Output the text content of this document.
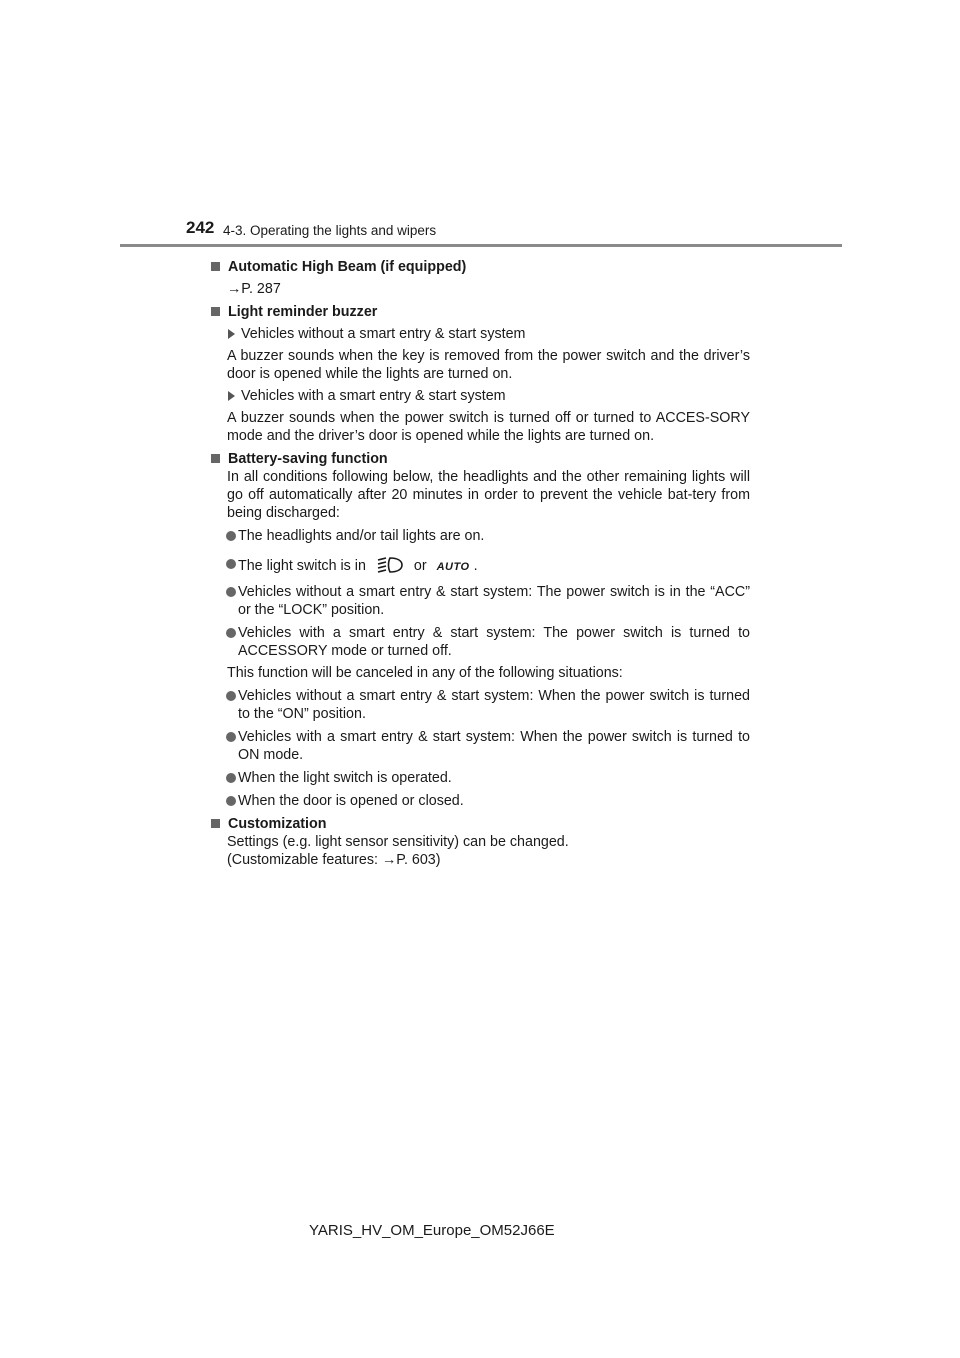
242 4-3. Operating the lights and wipers
Automatic High Beam (if equipped)
→P. 287
Light reminder buzzer
Vehicles without a smart entry & start system
A buzzer sounds when the key is removed from the power switch and the driver’s door is opened while the lights are turned on.
Vehicles with a smart entry & start system
A buzzer sounds when the power switch is turned off or turned to ACCES-SORY mode and the driver’s door is opened while the lights are turned on.
Battery-saving function
In all conditions following below, the headlights and the other remaining lights will go off automatically after 20 minutes in order to prevent the vehicle bat-tery from being discharged:
The headlights and/or tail lights are on.
The light switch is in	or AUTO .
Vehicles without a smart entry & start system: The power switch is in the “ACC” or the “LOCK” position.
Vehicles with a smart entry & start system: The power switch is turned to ACCESSORY mode or turned off.
This function will be canceled in any of the following situations:
Vehicles without a smart entry & start system: When the power switch is turned to the “ON” position.
Vehicles with a smart entry & start system: When the power switch is turned to ON mode.
When the light switch is operated.
When the door is opened or closed.
Customization
Settings (e.g. light sensor sensitivity) can be changed.
(Customizable features: →P. 603)
YARIS_HV_OM_Europe_OM52J66E
